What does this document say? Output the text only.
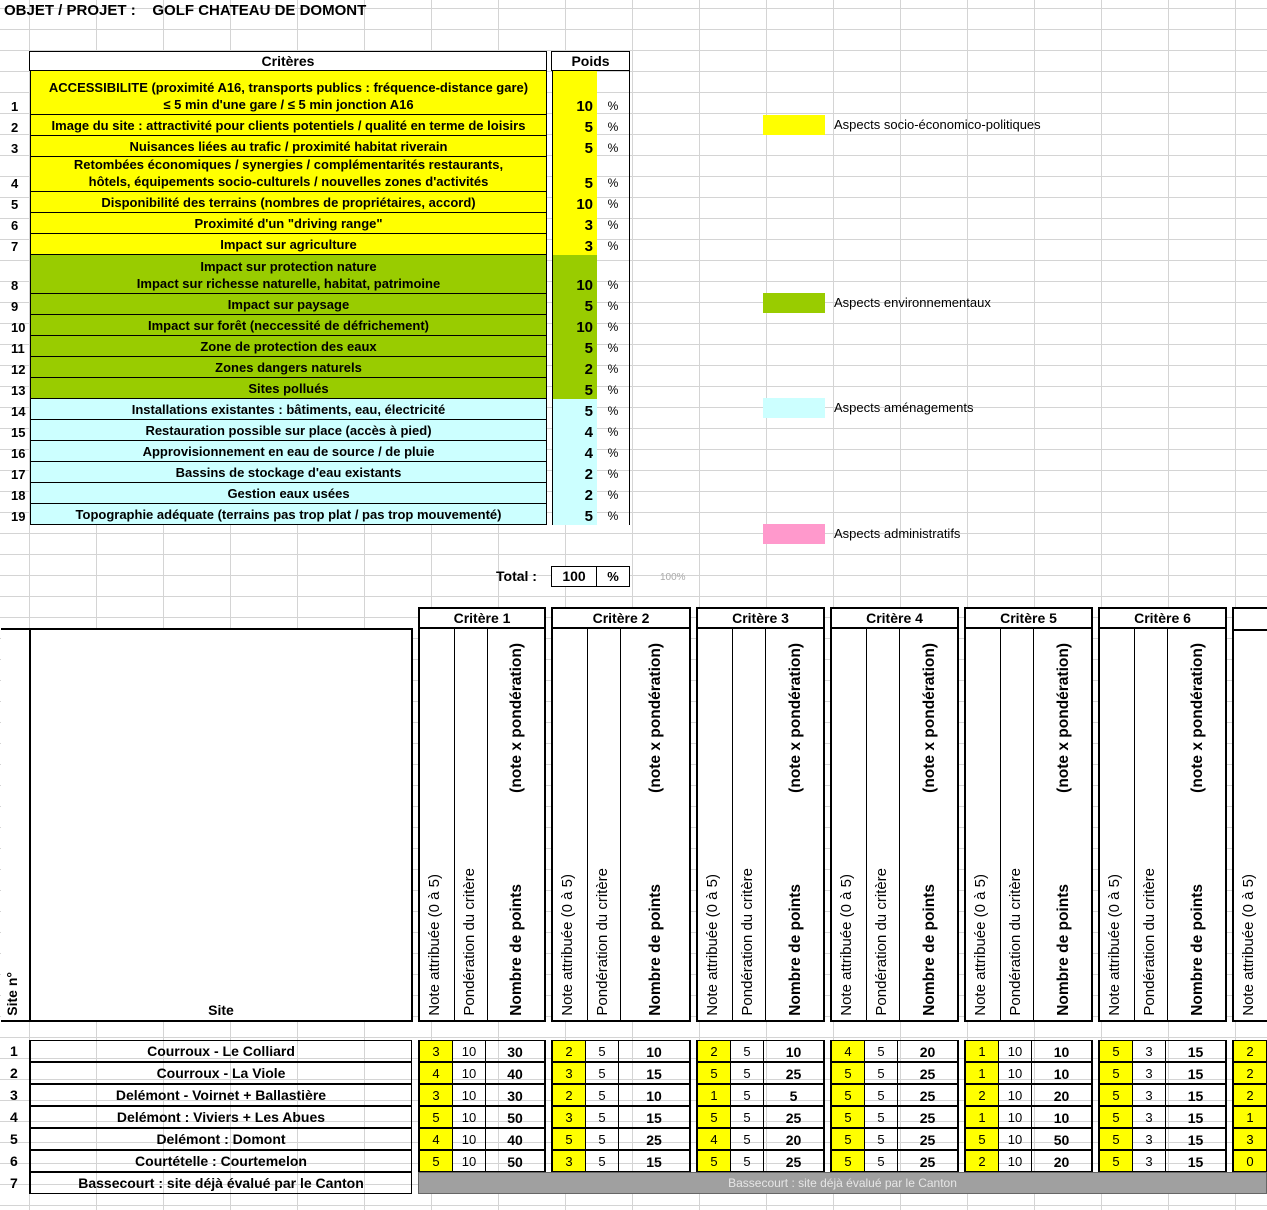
OBJET / PROJET : GOLF CHATEAU DE DOMONT
Critères	Poids
1
ACCESSIBILITE (proximité A16, transports publics : fréquence-distance gare)
≤ 5 min d'une gare / ≤ 5 min jonction A16	10	%
2	Image du site : attractivité pour clients potentiels / qualité en terme de loisirs	5	%
3	Nuisances liées au trafic / proximité habitat riverain	5	%
4
Retombées économiques / synergies / complémentarités restaurants,
hôtels, équipements socio-culturels / nouvelles zones d'activités	5	%
5	Disponibilité des terrains (nombres de propriétaires, accord)	10	%
6	Proximité d'un "driving range"	3	%
7	Impact sur agriculture	3	%
8
Impact sur protection nature
Impact sur richesse naturelle, habitat, patrimoine	10	%
9	Impact sur paysage	5	%
10	Impact sur forêt (neccessité de défrichement)	10	%
11	Zone de protection des eaux	5	%
12	Zones dangers naturels	2	%
13	Sites pollués	5	%
14	Installations existantes : bâtiments, eau, électricité	5	%
15	Restauration possible sur place (accès à pied)	4	%
16	Approvisionnement en eau de source / de pluie	4	%
17	Bassins de stockage d'eau existants	2	%
18	Gestion eaux usées	2	%
19	Topographie adéquate (terrains pas trop plat / pas trop mouvementé)	5	%
Aspects socio-économico-politiques
Aspects environnementaux
Aspects aménagements
Aspects administratifs
Total :	100	%	100%
Site n°	Site
Critère 1
Note attribuée (0 à 5) Pondération du critère Nombre de points
(note x pondération)
Critère 2
Note attribuée (0 à 5) Pondération du critère Nombre de points
(note x pondération)
Critère 3
Note attribuée (0 à 5) Pondération du critère Nombre de points
(note x pondération)
Critère 4
Note attribuée (0 à 5) Pondération du critère Nombre de points
(note x pondération)
Critère 5
Note attribuée (0 à 5) Pondération du critère Nombre de points
(note x pondération)
Critère 6
Note attribuée (0 à 5) Pondération du critère Nombre de points
(note x pondération)
Note attribuée (0 à 5)
1	Courroux - Le Colliard	3	10	30	2	5	10	2	5	10	4	5	20	1	10	10	5	3	15	2
2	Courroux - La Viole	4	10	40	3	5	15	5	5	25	5	5	25	1	10	10	5	3	15	2
3	Delémont - Voirnet + Ballastière	3	10	30	2	5	10	1	5	5	5	5	25	2	10	20	5	3	15	2
4	Delémont : Viviers + Les Abues	5	10	50	3	5	15	5	5	25	5	5	25	1	10	10	5	3	15	1
5	Delémont : Domont	4	10	40	5	5	25	4	5	20	5	5	25	5	10	50	5	3	15	3
6	Courtételle : Courtemelon	5	10	50	3	5	15	5	5	25	5	5	25	2	10	20	5	3	15	0
7	Bassecourt : site déjà évalué par le Canton	Bassecourt : site déjà évalué par le Canton
